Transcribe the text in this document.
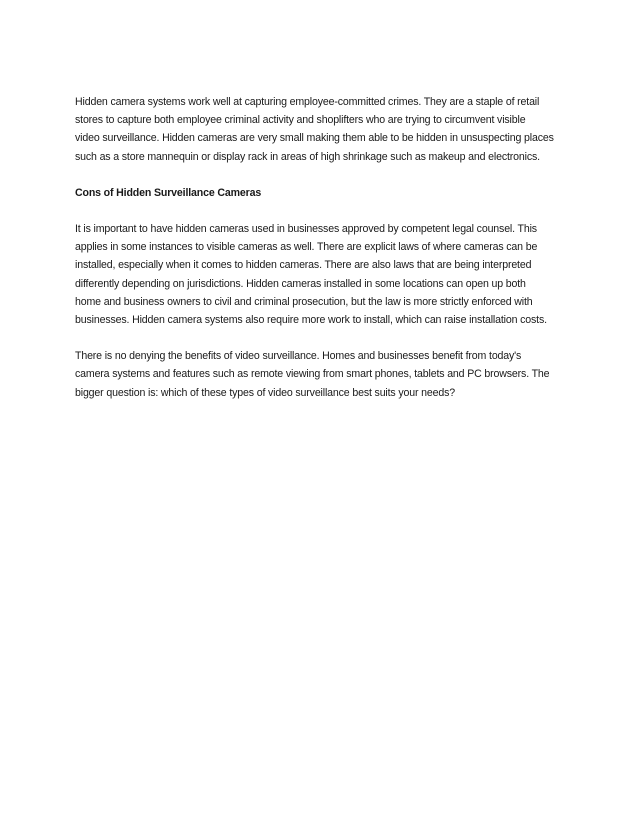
Hidden camera systems work well at capturing employee-committed crimes. They are a staple of retail
stores to capture both employee criminal activity and shoplifters who are trying to circumvent visible
video surveillance. Hidden cameras are very small making them able to be hidden in unsuspecting places
such as a store mannequin or display rack in areas of high shrinkage such as makeup and electronics.

Cons of Hidden Surveillance Cameras

It is important to have hidden cameras used in businesses approved by competent legal counsel. This
applies in some instances to visible cameras as well. There are explicit laws of where cameras can be
installed, especially when it comes to hidden cameras. There are also laws that are being interpreted
differently depending on jurisdictions. Hidden cameras installed in some locations can open up both
home and business owners to civil and criminal prosecution, but the law is more strictly enforced with
businesses. Hidden camera systems also require more work to install, which can raise installation costs.

There is no denying the benefits of video surveillance. Homes and businesses benefit from today's
camera systems and features such as remote viewing from smart phones, tablets and PC browsers. The
bigger question is: which of these types of video surveillance best suits your needs?
